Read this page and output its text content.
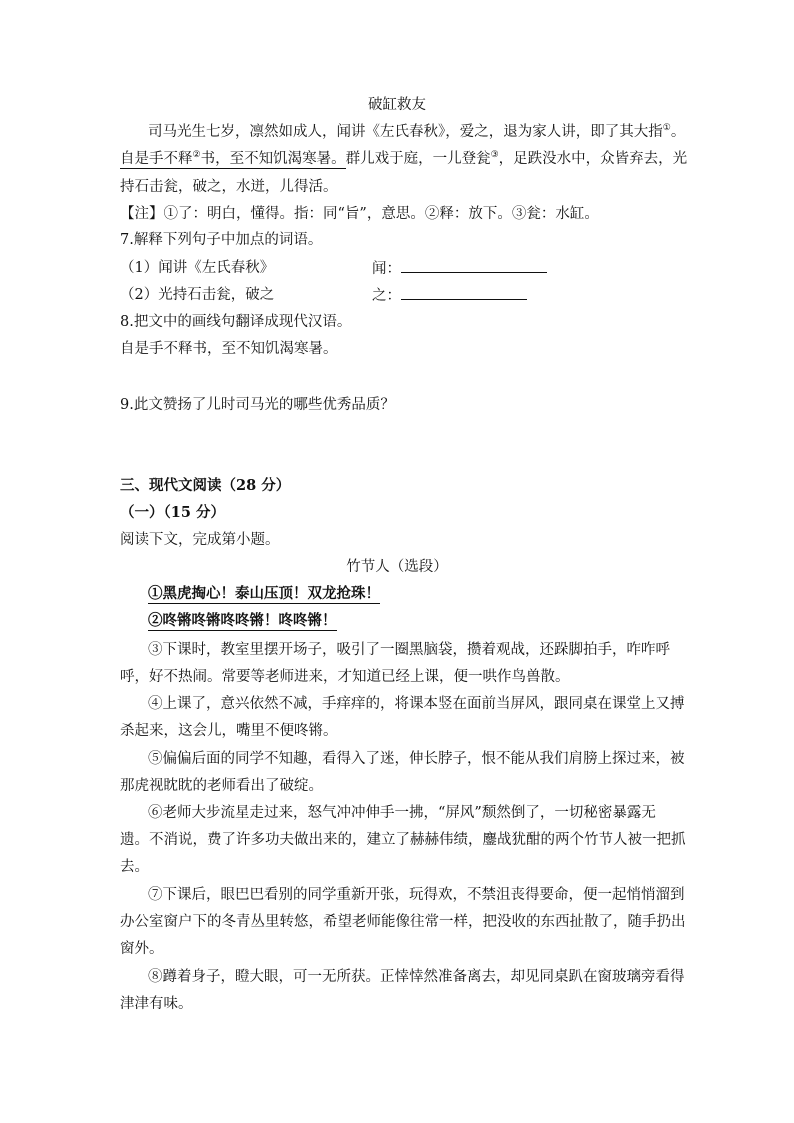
破缸救友
司马光生七岁，凛然如成人，闻讲《左氏春秋》，爱之，退为家人讲，即了其大指①。
自是手不释②书，至不知饥渴寒暑。群儿戏于庭，一儿登瓮③，足跌没水中，众皆弃去，光
持石击瓮，破之，水迸，儿得活。
【注】①了：明白，懂得。指：同“旨”，意思。②释：放下。③瓮：水缸。
7.解释下列句子中加点的词语。
（1）闻讲《左氏春秋》	闻：
（2）光持石击瓮，破之	之：
8.把文中的画线句翻译成现代汉语。
自是手不释书，至不知饥渴寒暑。
9.此文赞扬了儿时司马光的哪些优秀品质？
三、现代文阅读（28 分）
（一）（15 分）
阅读下文，完成第小题。
竹节人（选段）
①黑虎掏心！泰山压顶！双龙抢珠！
②咚锵咚锵咚咚锵！咚咚锵！
③下课时，教室里摆开场子，吸引了一圈黑脑袋，攒着观战，还跺脚拍手，咋咋呼
呼，好不热闹。常要等老师进来，才知道已经上课，便一哄作鸟兽散。
④上课了，意兴依然不减，手痒痒的，将课本竖在面前当屏风，跟同桌在课堂上又搏
杀起来，这会儿，嘴里不便咚锵。
⑤偏偏后面的同学不知趣，看得入了迷，伸长脖子，恨不能从我们肩膀上探过来，被
那虎视眈眈的老师看出了破绽。
⑥老师大步流星走过来，怒气冲冲伸手一拂，“屏风”颓然倒了，一切秘密暴露无
遗。不消说，费了许多功夫做出来的，建立了赫赫伟绩，鏖战犹酣的两个竹节人被一把抓
去。
⑦下课后，眼巴巴看别的同学重新开张，玩得欢，不禁沮丧得要命，便一起悄悄溜到
办公室窗户下的冬青丛里转悠，希望老师能像往常一样，把没收的东西扯散了，随手扔出
窗外。
⑧蹲着身子，瞪大眼，可一无所获。正悻悻然准备离去，却见同桌趴在窗玻璃旁看得
津津有味。
